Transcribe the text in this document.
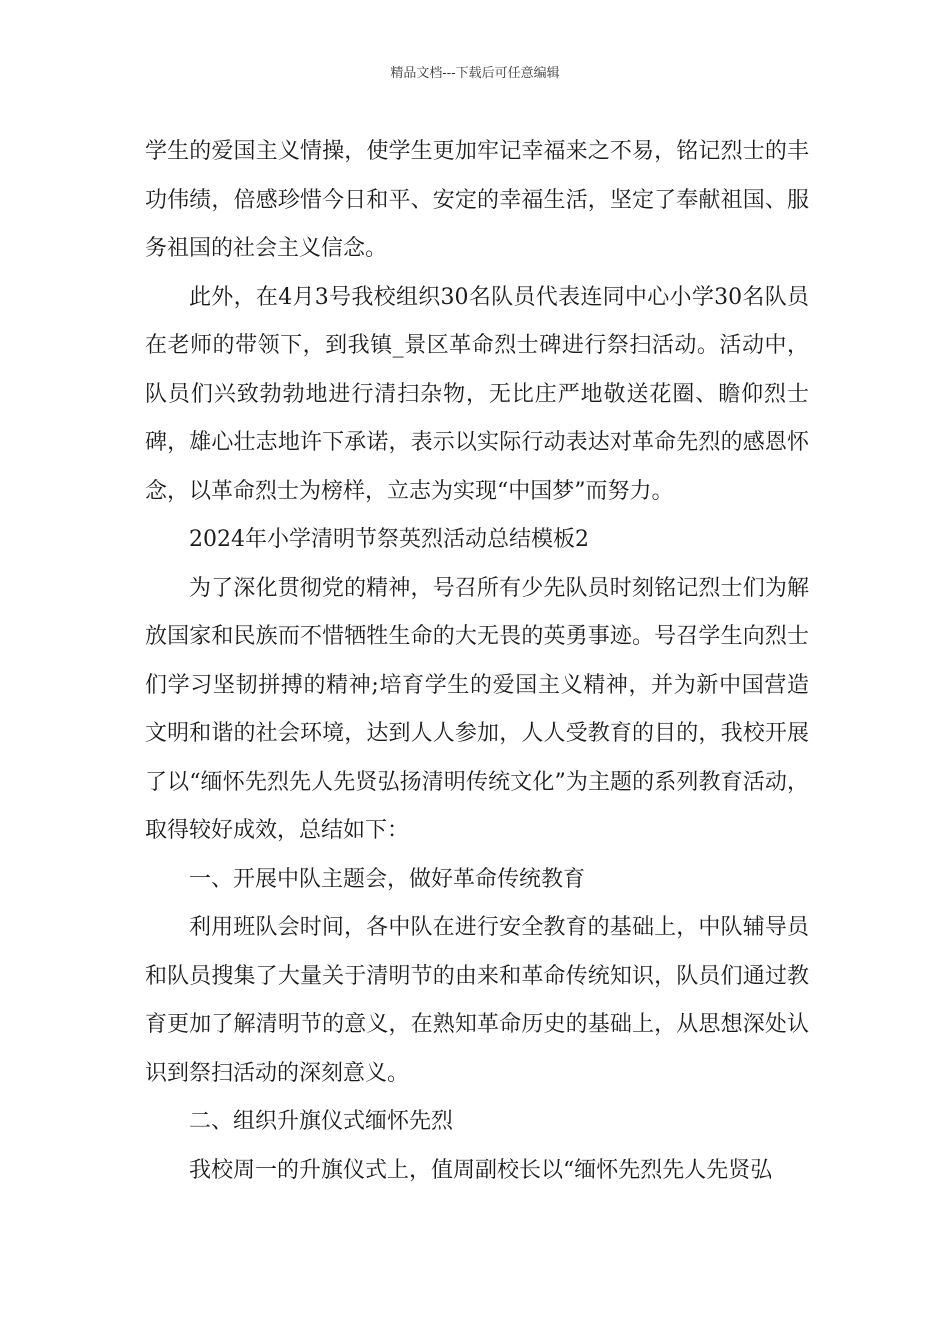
精品文档---下载后可任意编辑

学生的爱国主义情操，使学生更加牢记幸福来之不易，铭记烈士的丰功伟绩，倍感珍惜今日和平、安定的幸福生活，坚定了奉献祖国、服务祖国的社会主义信念。

此外，在4月3号我校组织30名队员代表连同中心小学30名队员在老师的带领下，到我镇_景区革命烈士碑进行祭扫活动。活动中，队员们兴致勃勃地进行清扫杂物，无比庄严地敬送花圈、瞻仰烈士碑，雄心壮志地许下承诺，表示以实际行动表达对革命先烈的感恩怀念，以革命烈士为榜样，立志为实现“中国梦”而努力。

2024年小学清明节祭英烈活动总结模板2

为了深化贯彻党的精神，号召所有少先队员时刻铭记烈士们为解放国家和民族而不惜牺牲生命的大无畏的英勇事迹。号召学生向烈士们学习坚韧拼搏的精神;培育学生的爱国主义精神，并为新中国营造文明和谐的社会环境，达到人人参加，人人受教育的目的，我校开展了以“缅怀先烈先人先贤弘扬清明传统文化”为主题的系列教育活动，取得较好成效，总结如下：

一、开展中队主题会，做好革命传统教育

利用班队会时间，各中队在进行安全教育的基础上，中队辅导员和队员搜集了大量关于清明节的由来和革命传统知识，队员们通过教育更加了解清明节的意义，在熟知革命历史的基础上，从思想深处认识到祭扫活动的深刻意义。

二、组织升旗仪式缅怀先烈

我校周一的升旗仪式上，值周副校长以“缅怀先烈先人先贤弘
